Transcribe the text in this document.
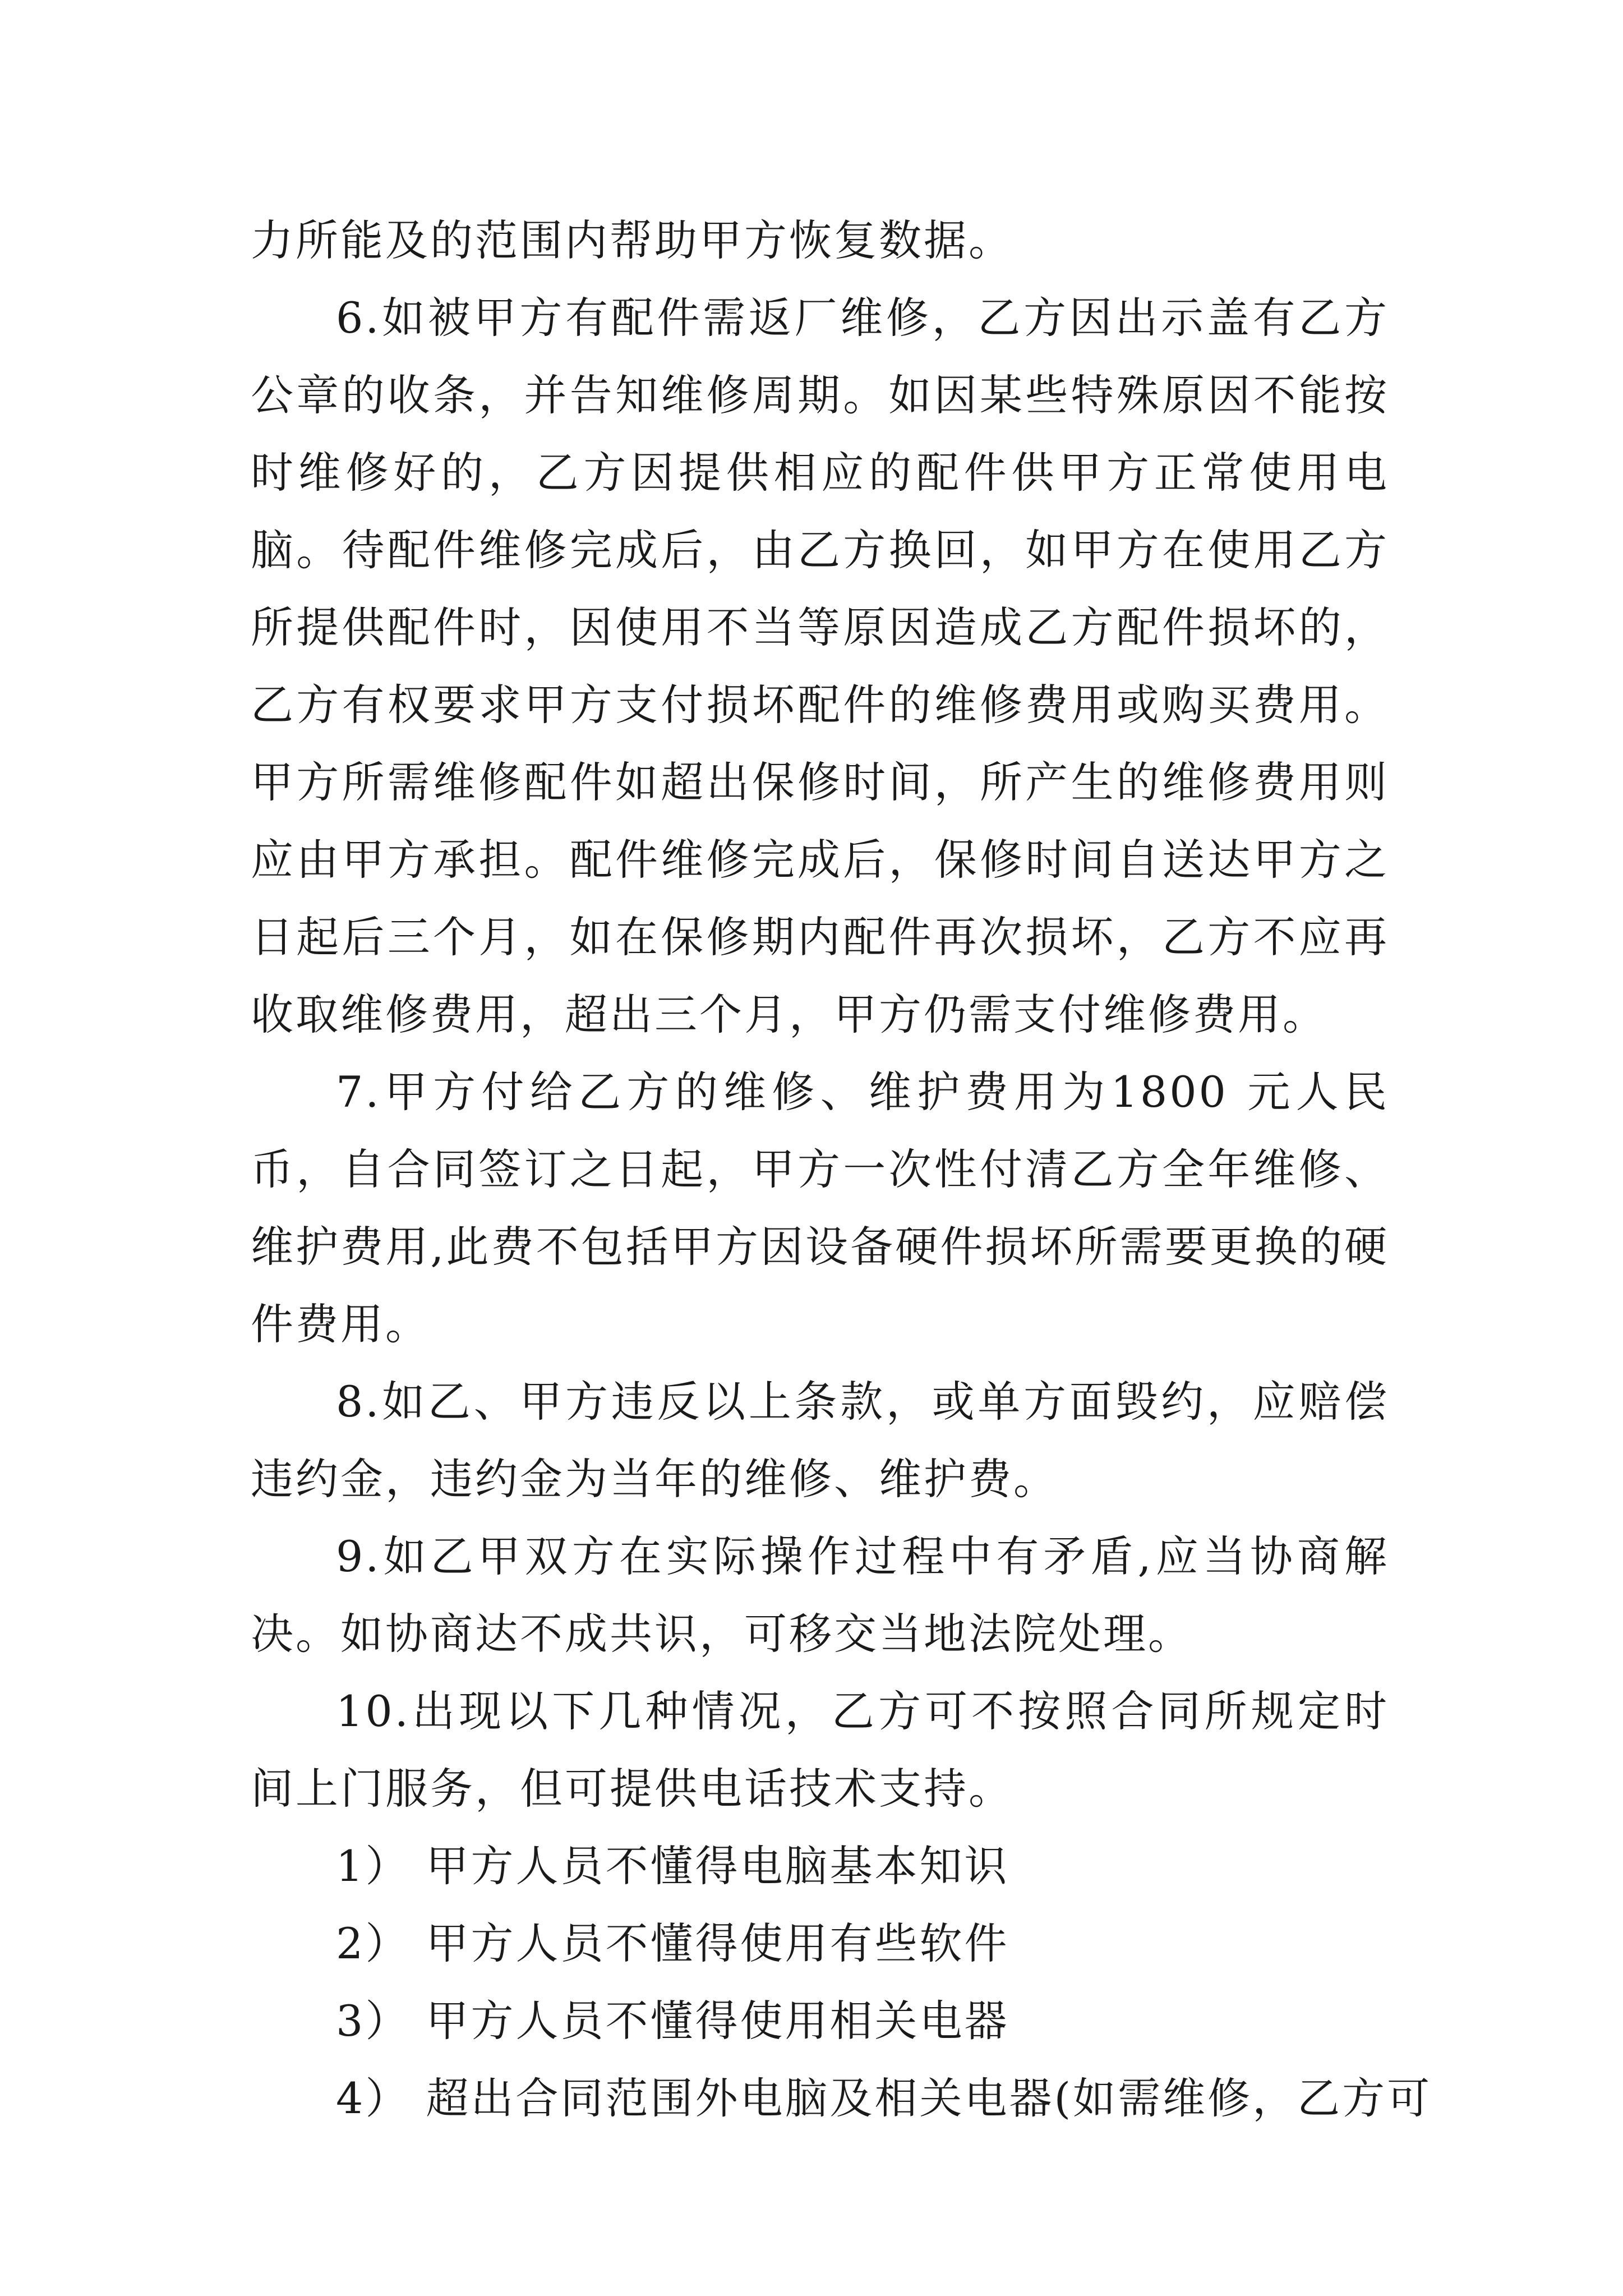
力所能及的范围内帮助甲方恢复数据。

6.如被甲方有配件需返厂维修，乙方因出示盖有乙方公章的收条，并告知维修周期。如因某些特殊原因不能按时维修好的，乙方因提供相应的配件供甲方正常使用电脑。待配件维修完成后，由乙方换回，如甲方在使用乙方所提供配件时，因使用不当等原因造成乙方配件损坏的，乙方有权要求甲方支付损坏配件的维修费用或购买费用。甲方所需维修配件如超出保修时间，所产生的维修费用则应由甲方承担。配件维修完成后，保修时间自送达甲方之日起后三个月，如在保修期内配件再次损坏，乙方不应再收取维修费用，超出三个月，甲方仍需支付维修费用。

7.甲方付给乙方的维修、维护费用为1800 元人民币，自合同签订之日起，甲方一次性付清乙方全年维修、维护费用,此费不包括甲方因设备硬件损坏所需要更换的硬件费用。

8.如乙、甲方违反以上条款，或单方面毁约，应赔偿违约金，违约金为当年的维修、维护费。

9.如乙甲双方在实际操作过程中有矛盾,应当协商解决。如协商达不成共识，可移交当地法院处理。

10.出现以下几种情况，乙方可不按照合同所规定时间上门服务，但可提供电话技术支持。

1） 甲方人员不懂得电脑基本知识

2） 甲方人员不懂得使用有些软件

3） 甲方人员不懂得使用相关电器

4） 超出合同范围外电脑及相关电器(如需维修，乙方可
